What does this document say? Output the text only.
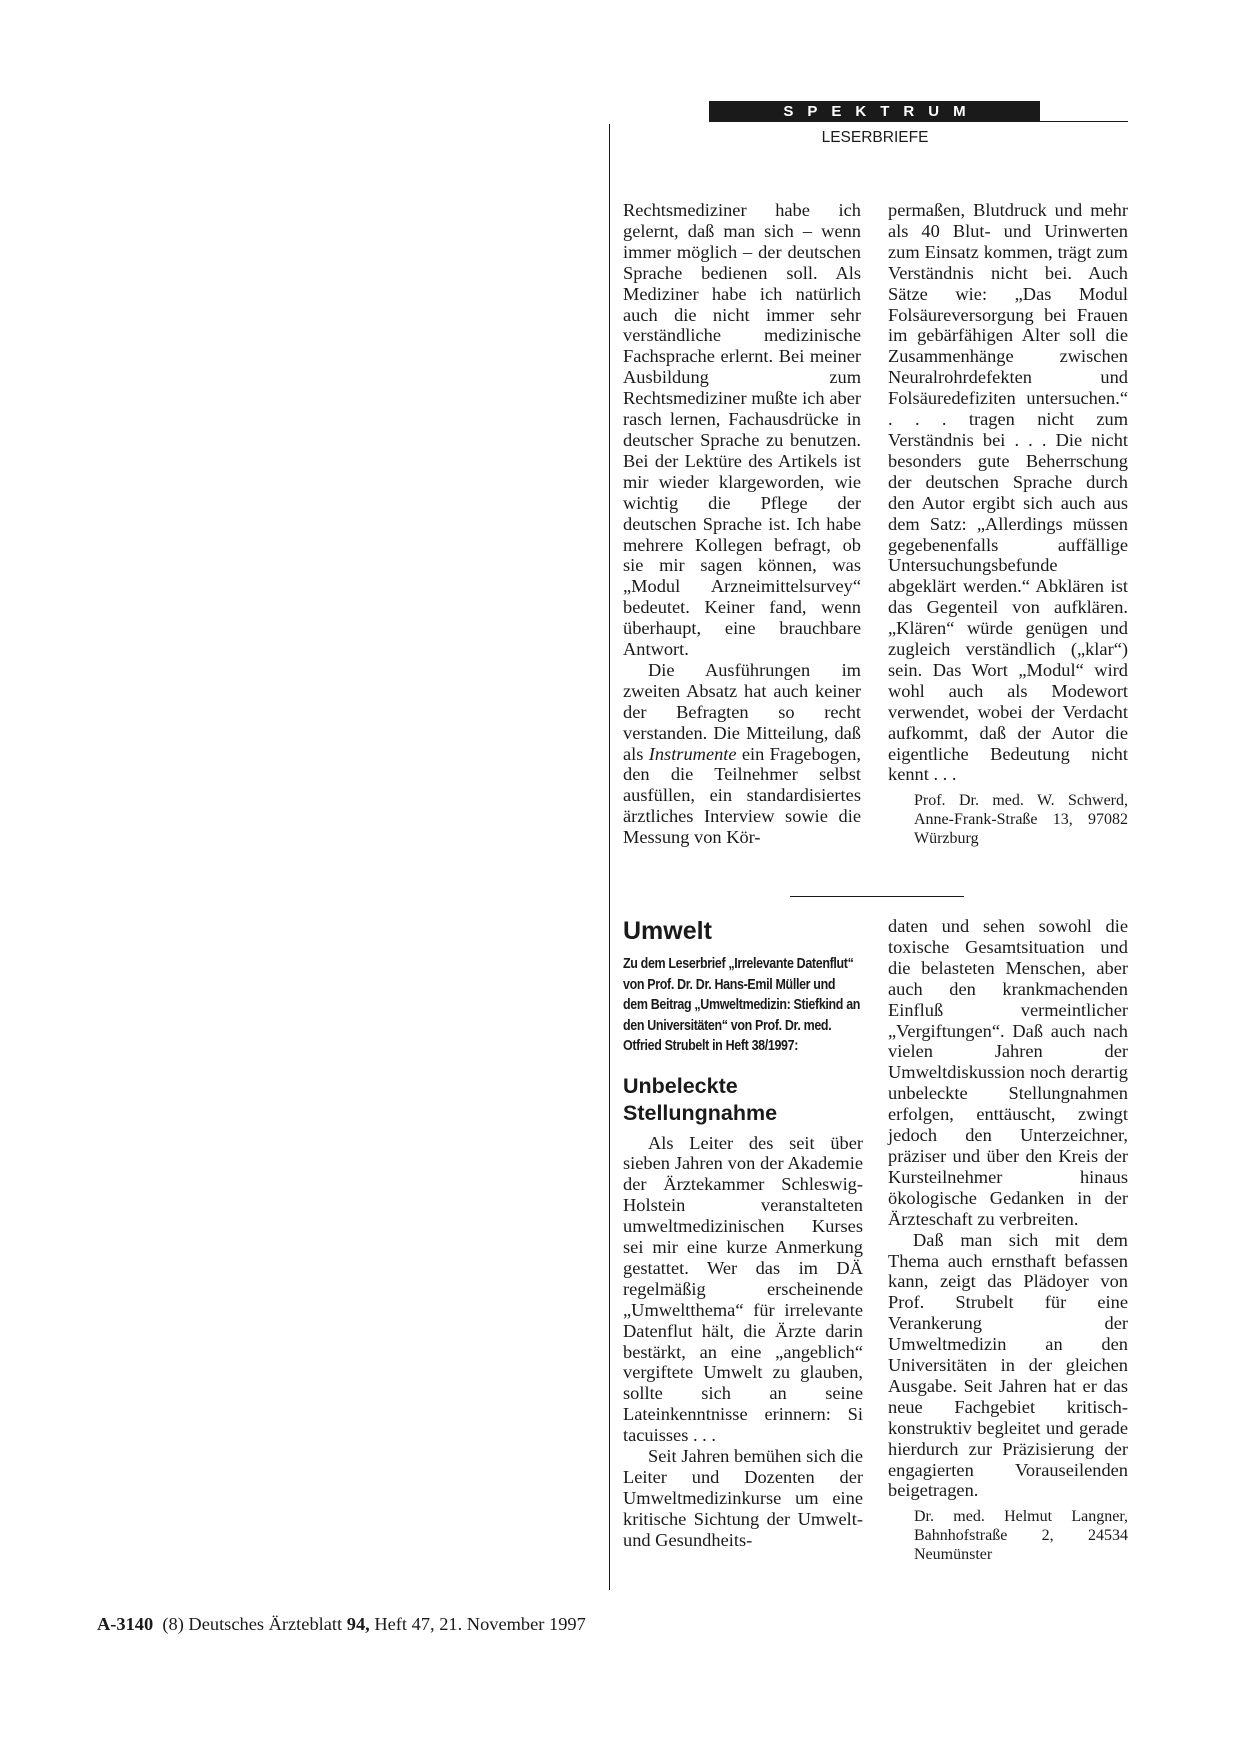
SPEKTRUM
LESERBRIEFE

Rechtsmediziner habe ich gelernt, daß man sich – wenn immer möglich – der deutschen Sprache bedienen soll. Als Mediziner habe ich natürlich auch die nicht immer sehr verständliche medizinische Fachsprache erlernt. Bei meiner Ausbildung zum Rechtsmediziner mußte ich aber rasch lernen, Fachausdrücke in deutscher Sprache zu benutzen. Bei der Lektüre des Artikels ist mir wieder klargeworden, wie wichtig die Pflege der deutschen Sprache ist. Ich habe mehrere Kollegen befragt, ob sie mir sagen können, was „Modul Arzneimittelsurvey“ bedeutet. Keiner fand, wenn überhaupt, eine brauchbare Antwort.

Die Ausführungen im zweiten Absatz hat auch keiner der Befragten so recht verstanden. Die Mitteilung, daß als Instrumente ein Fragebogen, den die Teilnehmer selbst ausfüllen, ein standardisiertes ärztliches Interview sowie die Messung von Kör-

permaßen, Blutdruck und mehr als 40 Blut- und Urinwerten zum Einsatz kommen, trägt zum Verständnis nicht bei. Auch Sätze wie: „Das Modul Folsäureversorgung bei Frauen im gebärfähigen Alter soll die Zusammenhänge zwischen Neuralrohrdefekten und Folsäuredefiziten untersuchen.“ . . . tragen nicht zum Verständnis bei . . . Die nicht besonders gute Beherrschung der deutschen Sprache durch den Autor ergibt sich auch aus dem Satz: „Allerdings müssen gegebenenfalls auffällige Untersuchungsbefunde abgeklärt werden.“ Abklären ist das Gegenteil von aufklären. „Klären“ würde genügen und zugleich verständlich („klar“) sein. Das Wort „Modul“ wird wohl auch als Modewort verwendet, wobei der Verdacht aufkommt, daß der Autor die eigentliche Bedeutung nicht kennt . . .

Prof. Dr. med. W. Schwerd, Anne-Frank-Straße 13, 97082 Würzburg
Umwelt
Zu dem Leserbrief „Irrelevante Datenflut“ von Prof. Dr. Dr. Hans-Emil Müller und dem Beitrag „Umweltmedizin: Stiefkind an den Universitäten“ von Prof. Dr. med. Otfried Strubelt in Heft 38/1997:
Unbeleckte Stellungnahme

Als Leiter des seit über sieben Jahren von der Akademie der Ärztekammer Schleswig-Holstein veranstalteten umweltmedizinischen Kurses sei mir eine kurze Anmerkung gestattet. Wer das im DÄ regelmäßig erscheinende „Umweltthema“ für irrelevante Datenflut hält, die Ärzte darin bestärkt, an eine „angeblich“ vergiftete Umwelt zu glauben, sollte sich an seine Lateinkenntnisse erinnern: Si tacuisses . . .

Seit Jahren bemühen sich die Leiter und Dozenten der Umweltmedizinkurse um eine kritische Sichtung der Umwelt- und Gesundheits-

daten und sehen sowohl die toxische Gesamtsituation und die belasteten Menschen, aber auch den krankmachenden Einfluß vermeintlicher „Vergiftungen“. Daß auch nach vielen Jahren der Umweltdiskussion noch derartig unbeleckte Stellungnahmen erfolgen, enttäuscht, zwingt jedoch den Unterzeichner, präziser und über den Kreis der Kursteilnehmer hinaus ökologische Gedanken in der Ärzteschaft zu verbreiten.

Daß man sich mit dem Thema auch ernsthaft befassen kann, zeigt das Plädoyer von Prof. Strubelt für eine Verankerung der Umweltmedizin an den Universitäten in der gleichen Ausgabe. Seit Jahren hat er das neue Fachgebiet kritisch-konstruktiv begleitet und gerade hierdurch zur Präzisierung der engagierten Vorauseilenden beigetragen.

Dr. med. Helmut Langner, Bahnhofstraße 2, 24534 Neumünster
A-3140 (8) Deutsches Ärzteblatt 94, Heft 47, 21. November 1997
